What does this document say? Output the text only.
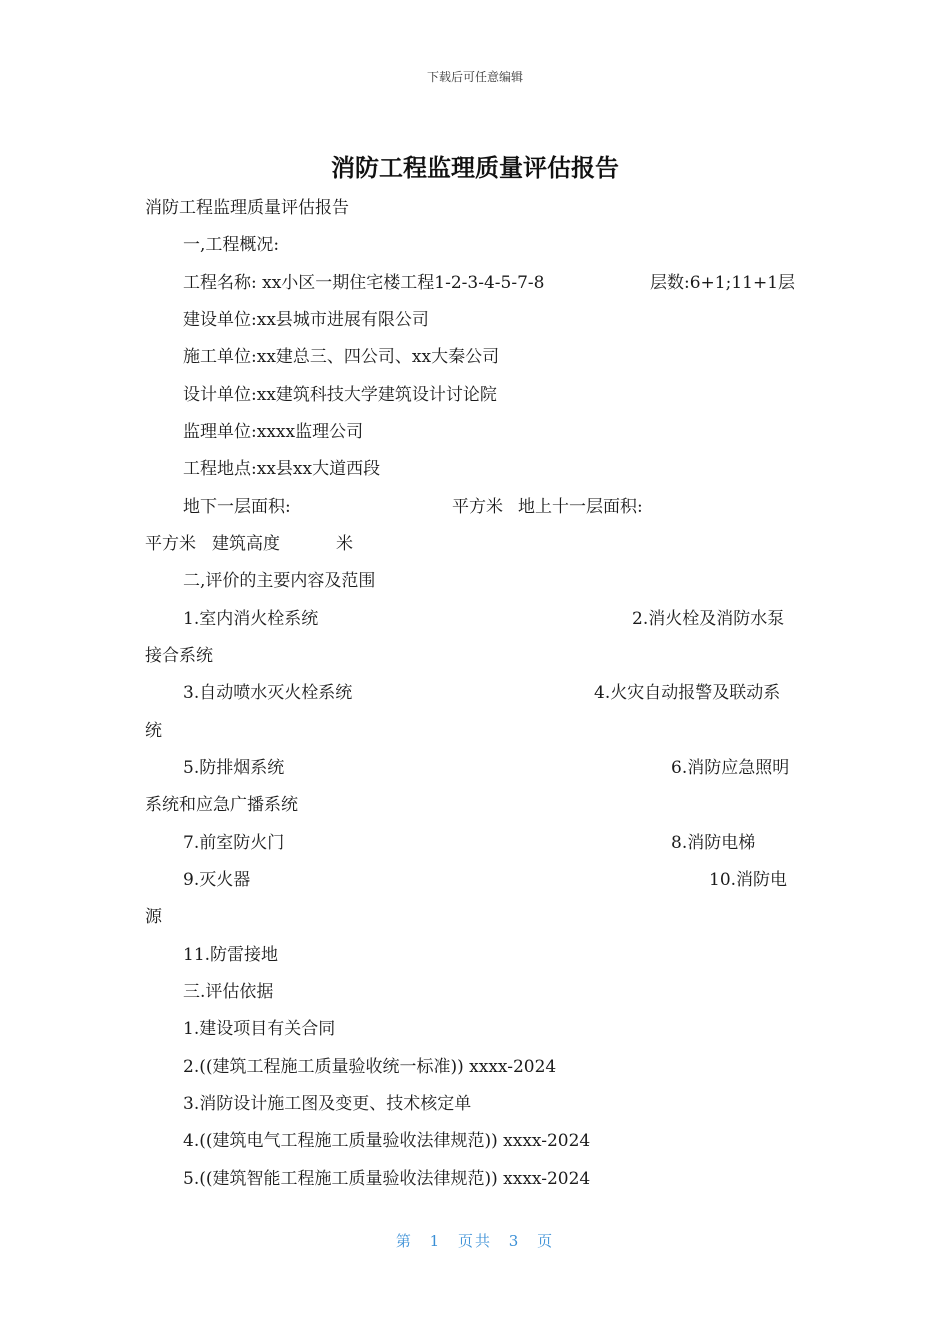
下载后可任意编辑
消防工程监理质量评估报告
消防工程监理质量评估报告
一,工程概况:
工程名称: xx小区一期住宅楼工程1-2-3-4-5-7-8	层数:6+1;11+1层
建设单位:xx县城市进展有限公司
施工单位:xx建总三、四公司、xx大秦公司
设计单位:xx建筑科技大学建筑设计讨论院
监理单位:xxxx监理公司
工程地点:xx县xx大道西段
地下一层面积:	平方米 地上十一层面积:
平方米 建筑高度	米
二,评价的主要内容及范围
1.室内消火栓系统	2.消火栓及消防水泵
接合系统
3.自动喷水灭火栓系统	4.火灾自动报警及联动系
统
5.防排烟系统	6.消防应急照明
系统和应急广播系统
7.前室防火门	8.消防电梯
9.灭火器	10.消防电
源
11.防雷接地
三.评估依据
1.建设项目有关合同
2.((建筑工程施工质量验收统一标准)) xxxx-2024
3.消防设计施工图及变更、技术核定单
4.((建筑电气工程施工质量验收法律规范)) xxxx-2024
5.((建筑智能工程施工质量验收法律规范)) xxxx-2024
第 1 页共 3 页
